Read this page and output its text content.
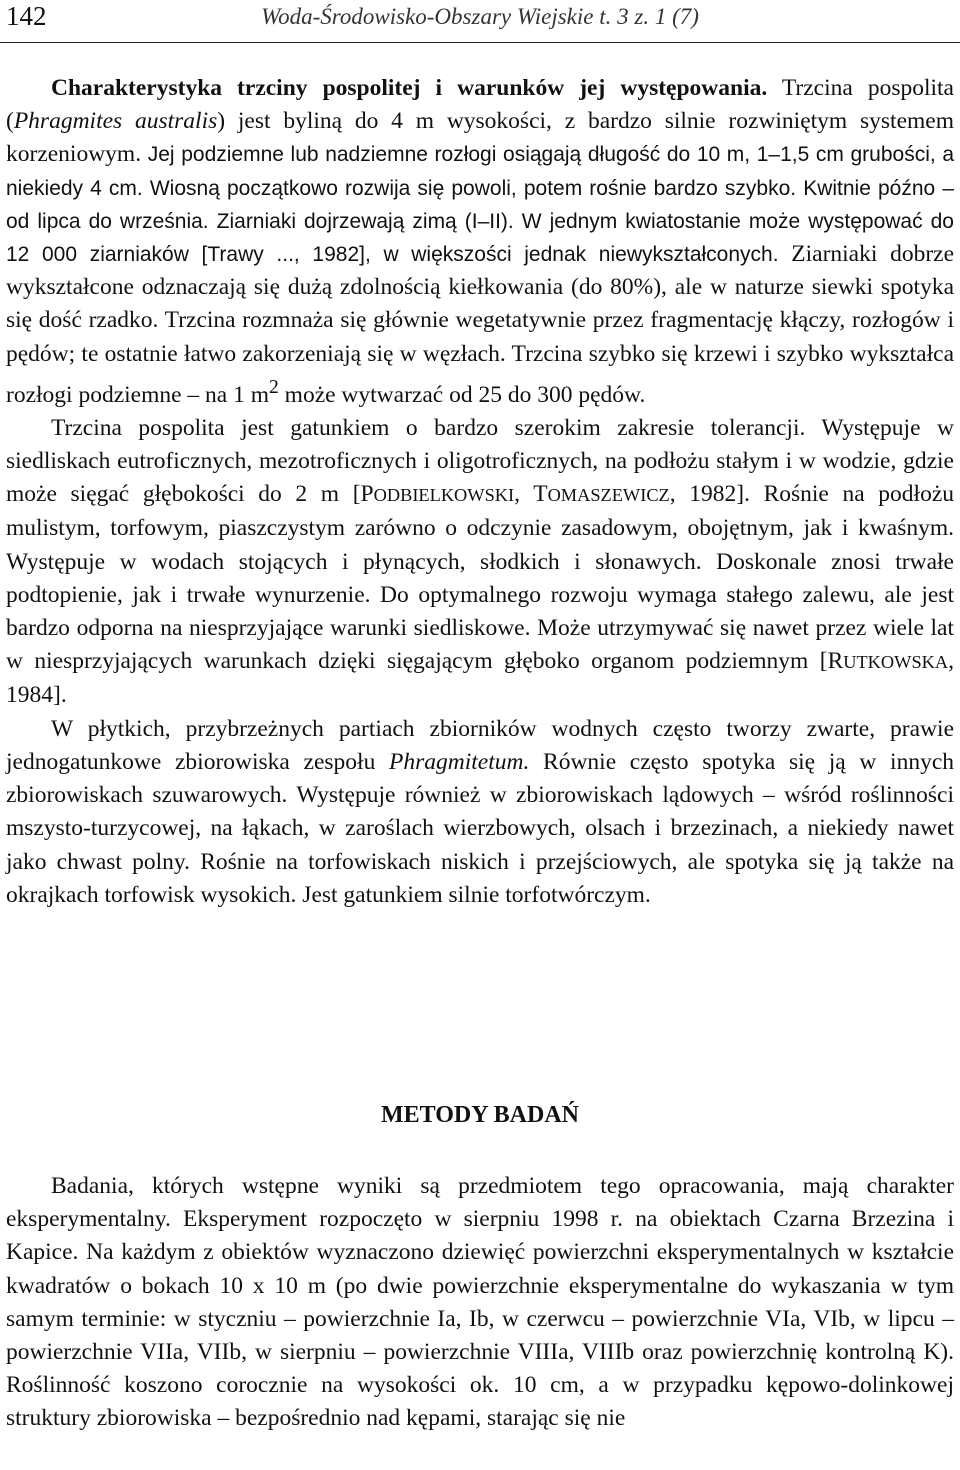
142	Woda-Środowisko-Obszary Wiejskie t. 3 z. 1 (7)

Charakterystyka trzciny pospolitej i warunków jej występowania. Trzcina pospolita (Phragmites australis) jest byliną do 4 m wysokości, z bardzo silnie rozwiniętym systemem korzeniowym. Jej podziemne lub nadziemne rozłogi osiągają długość do 10 m, 1–1,5 cm grubości, a niekiedy 4 cm. Wiosną początkowo rozwija się powoli, potem rośnie bardzo szybko. Kwitnie późno – od lipca do września. Ziarniaki dojrzewają zimą (I–II). W jednym kwiatostanie może występować do 12 000 ziarniaków [Trawy ..., 1982], w większości jednak niewykształconych. Ziarniaki dobrze wykształcone odznaczają się dużą zdolnością kiełkowania (do 80%), ale w naturze siewki spotyka się dość rzadko. Trzcina rozmnaża się głównie wegetatywnie przez fragmentację kłączy, rozłogów i pędów; te ostatnie łatwo zakorzeniają się w węzłach. Trzcina szybko się krzewi i szybko wykształca rozłogi podziemne – na 1 $m^2$ może wytwarzać od 25 do 300 pędów.

Trzcina pospolita jest gatunkiem o bardzo szerokim zakresie tolerancji. Występuje w siedliskach eutroficznych, mezotroficznych i oligotroficznych, na podłożu stałym i w wodzie, gdzie może sięgać głębokości do 2 m [PODBIELKOWSKI, TOMASZEWICZ, 1982]. Rośnie na podłożu mulistym, torfowym, piaszczystym zarówno o odczynie zasadowym, obojętnym, jak i kwaśnym. Występuje w wodach stojących i płynących, słodkich i słonawych. Doskonale znosi trwałe podtopienie, jak i trwałe wynurzenie. Do optymalnego rozwoju wymaga stałego zalewu, ale jest bardzo odporna na niesprzyjające warunki siedliskowe. Może utrzymywać się nawet przez wiele lat w niesprzyjających warunkach dzięki sięgającym głęboko organom podziemnym [RUTKOWSKA, 1984].

W płytkich, przybrzeżnych partiach zbiorników wodnych często tworzy zwarte, prawie jednogatunkowe zbiorowiska zespołu Phragmitetum. Równie często spotyka się ją w innych zbiorowiskach szuwarowych. Występuje również w zbiorowiskach lądowych – wśród roślinności mszysto-turzycowej, na łąkach, w zaroślach wierzbowych, olsach i brzezinach, a niekiedy nawet jako chwast polny. Rośnie na torfowiskach niskich i przejściowych, ale spotyka się ją także na okrajkach torfowisk wysokich. Jest gatunkiem silnie torfotwórczym.

METODY BADAŃ

Badania, których wstępne wyniki są przedmiotem tego opracowania, mają charakter eksperymentalny. Eksperyment rozpoczęto w sierpniu 1998 r. na obiektach Czarna Brzezina i Kapice. Na każdym z obiektów wyznaczono dziewięć powierzchni eksperymentalnych w kształcie kwadratów o bokach 10 x 10 m (po dwie powierzchnie eksperymentalne do wykaszania w tym samym terminie: w styczniu – powierzchnie Ia, Ib, w czerwcu – powierzchnie VIa, VIb, w lipcu – powierzchnie VIIa, VIIb, w sierpniu – powierzchnie VIIIa, VIIIb oraz powierzchnię kontrolną K). Roślinność koszono corocznie na wysokości ok. 10 cm, a w przypadku kępowo-dolinkowej struktury zbiorowiska – bezpośrednio nad kępami, starając się nie
